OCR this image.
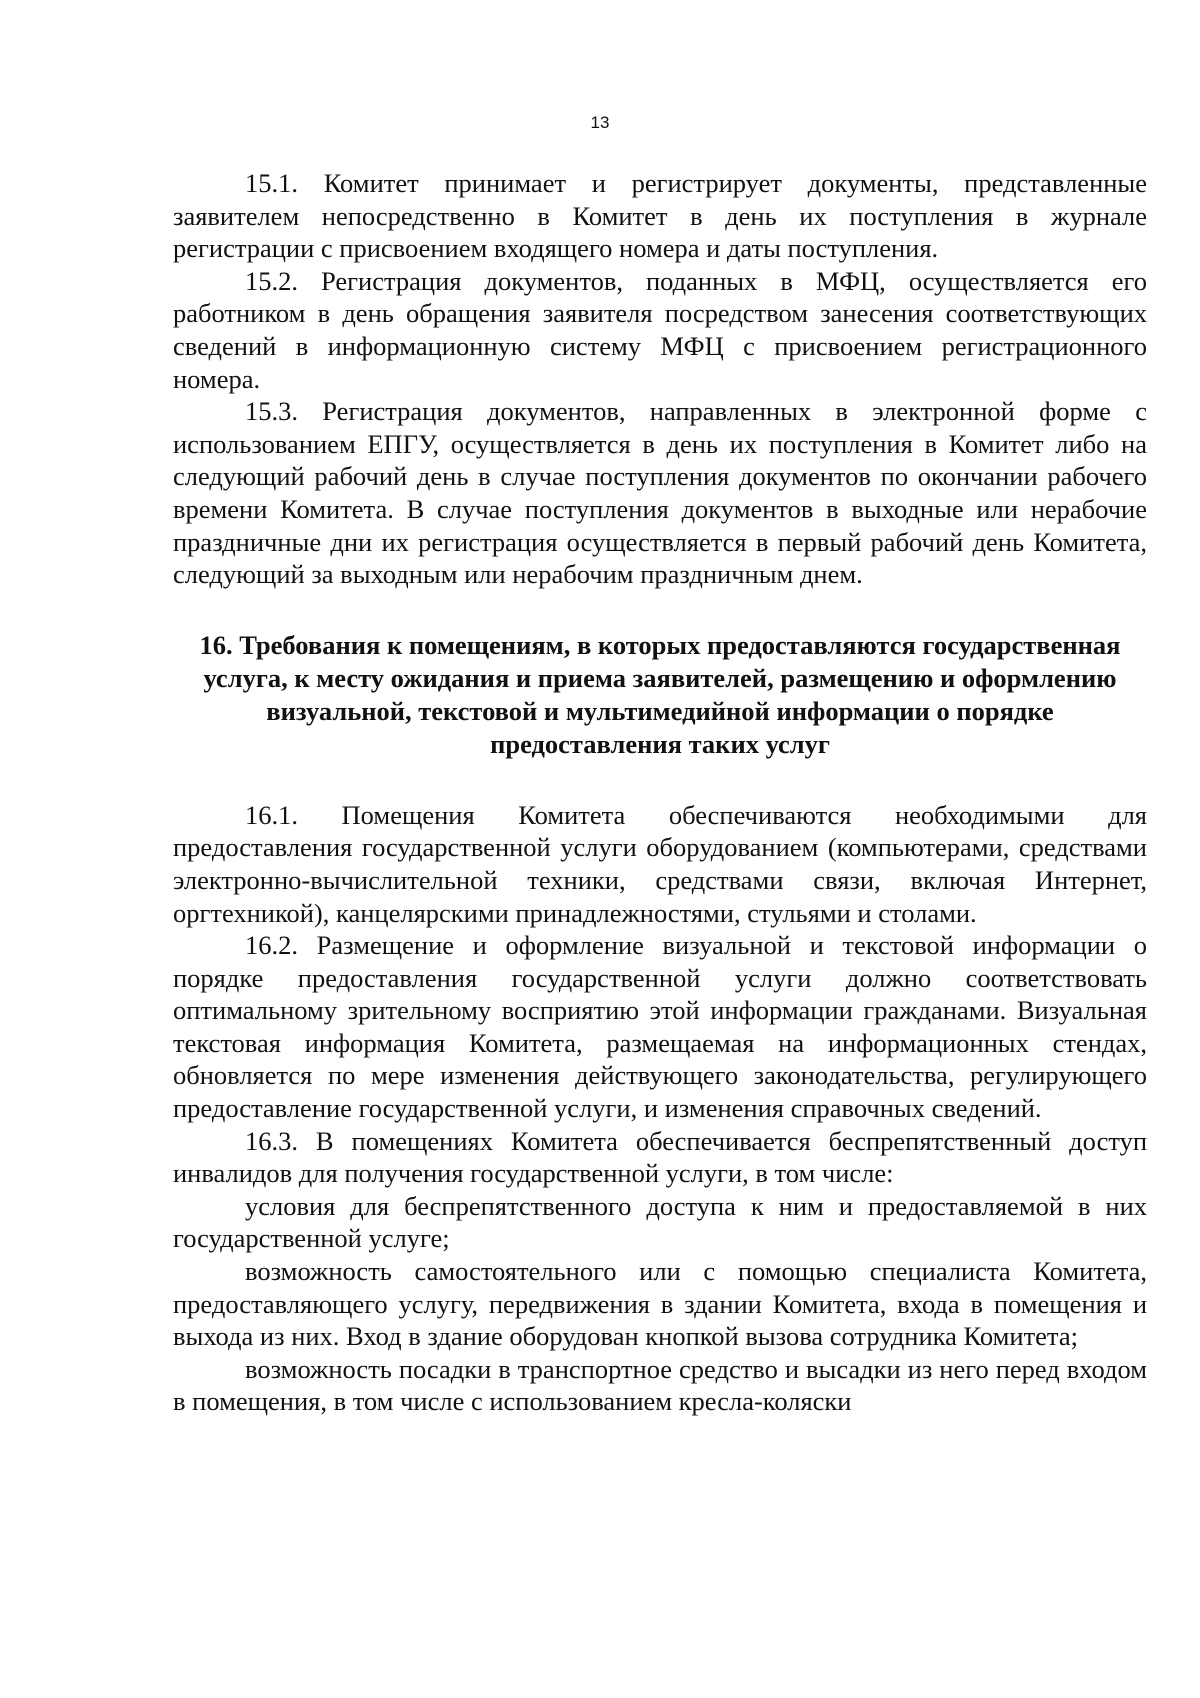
13

15.1. Комитет принимает и регистрирует документы, представленные заявителем непосредственно в Комитет в день их поступления в журнале регистрации с присвоением входящего номера и даты поступления.

15.2. Регистрация документов, поданных в МФЦ, осуществляется его работником в день обращения заявителя посредством занесения соответствующих сведений в информационную систему МФЦ с присвоением регистрационного номера.

15.3. Регистрация документов, направленных в электронной форме с использованием ЕПГУ, осуществляется в день их поступления в Комитет либо на следующий рабочий день в случае поступления документов по окончании рабочего времени Комитета. В случае поступления документов в выходные или нерабочие праздничные дни их регистрация осуществляется в первый рабочий день Комитета, следующий за выходным или нерабочим праздничным днем.

16. Требования к помещениям, в которых предоставляются государственная услуга, к месту ожидания и приема заявителей, размещению и оформлению визуальной, текстовой и мультимедийной информации о порядке предоставления таких услуг

16.1. Помещения Комитета обеспечиваются необходимыми для предоставления государственной услуги оборудованием (компьютерами, средствами электронно-вычислительной техники, средствами связи, включая Интернет, оргтехникой), канцелярскими принадлежностями, стульями и столами.

16.2. Размещение и оформление визуальной и текстовой информации о порядке предоставления государственной услуги должно соответствовать оптимальному зрительному восприятию этой информации гражданами. Визуальная текстовая информация Комитета, размещаемая на информационных стендах, обновляется по мере изменения действующего законодательства, регулирующего предоставление государственной услуги, и изменения справочных сведений.

16.3. В помещениях Комитета обеспечивается беспрепятственный доступ инвалидов для получения государственной услуги, в том числе:

условия для беспрепятственного доступа к ним и предоставляемой в них государственной услуге;

возможность самостоятельного или с помощью специалиста Комитета, предоставляющего услугу, передвижения в здании Комитета, входа в помещения и выхода из них. Вход в здание оборудован кнопкой вызова сотрудника Комитета;

возможность посадки в транспортное средство и высадки из него перед входом в помещения, в том числе с использованием кресла-коляски
